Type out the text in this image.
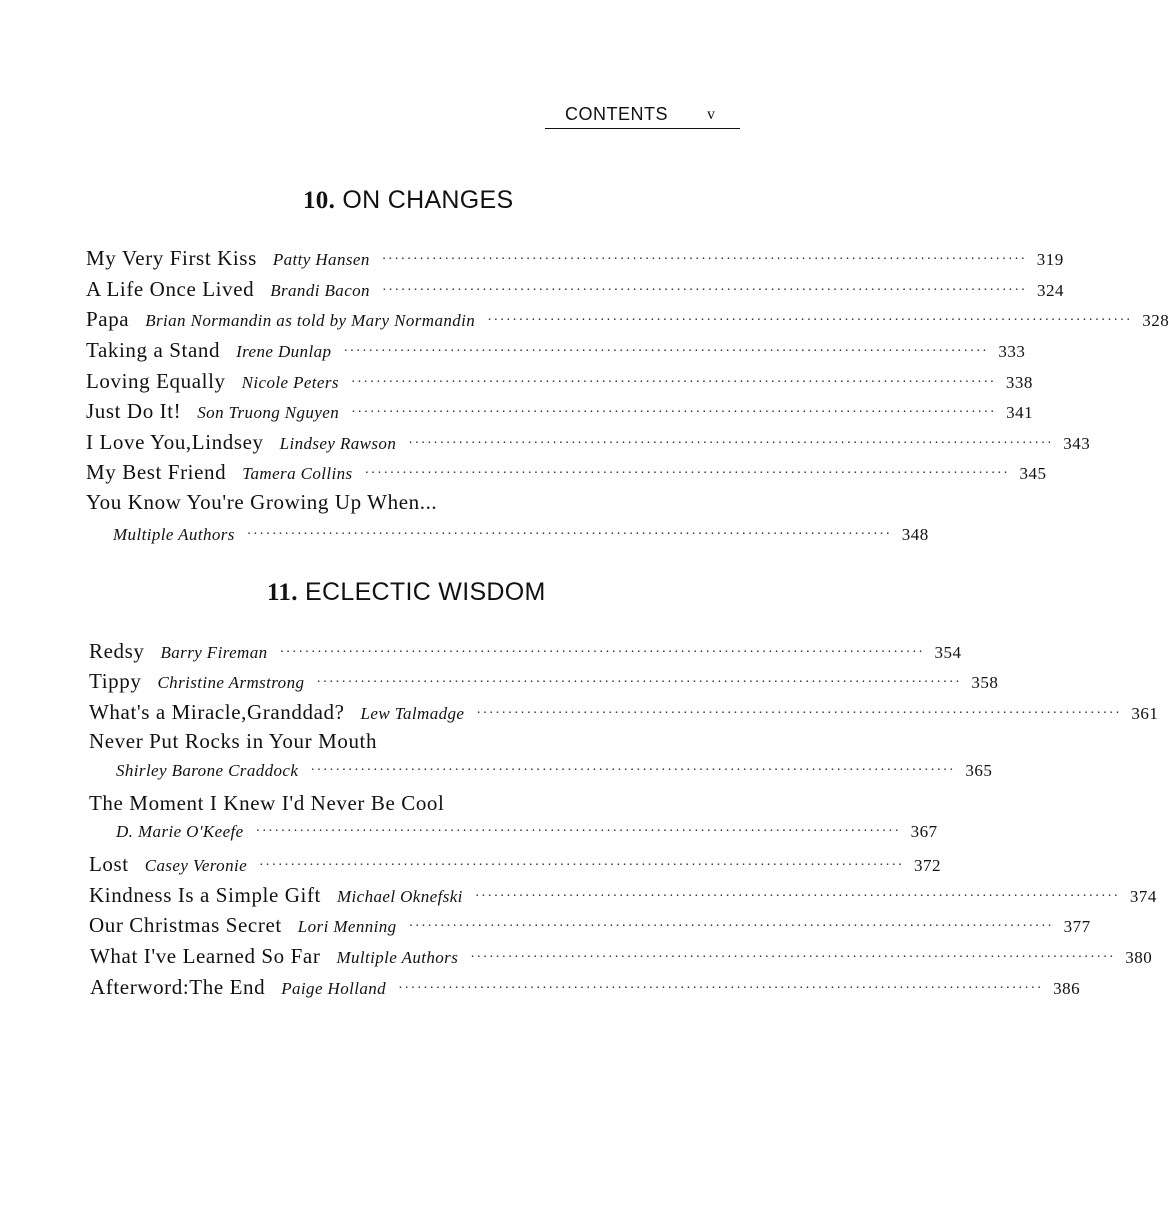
CONTENTS v
10. ON CHANGES
11. ECLECTIC WISDOM
My Very First Kiss Patty Hansen ······································································································· 319
A Life Once Lived Brandi Bacon ······································································································· 324
Papa Brian Normandin as told by Mary Normandin ······································································································· 328
Taking a Stand Irene Dunlap ······································································································· 333
Loving Equally Nicole Peters ······································································································· 338
Just Do It! Son Truong Nguyen ······································································································· 341
I Love You,Lindsey Lindsey Rawson ······································································································· 343
My Best Friend Tamera Collins ······································································································· 345
You Know You're Growing Up When...
Multiple Authors ······································································································· 348
Redsy Barry Fireman ······································································································· 354
Tippy Christine Armstrong ······································································································· 358
What's a Miracle,Granddad? Lew Talmadge ······································································································· 361
Never Put Rocks in Your Mouth
Shirley Barone Craddock ······································································································· 365
The Moment I Knew I'd Never Be Cool
D. Marie O'Keefe ······································································································· 367
Lost Casey Veronie ······································································································· 372
Kindness Is a Simple Gift Michael Oknefski ······································································································· 374
Our Christmas Secret Lori Menning ······································································································· 377
What I've Learned So Far Multiple Authors ······································································································· 380
Afterword:The End Paige Holland ······································································································· 386
